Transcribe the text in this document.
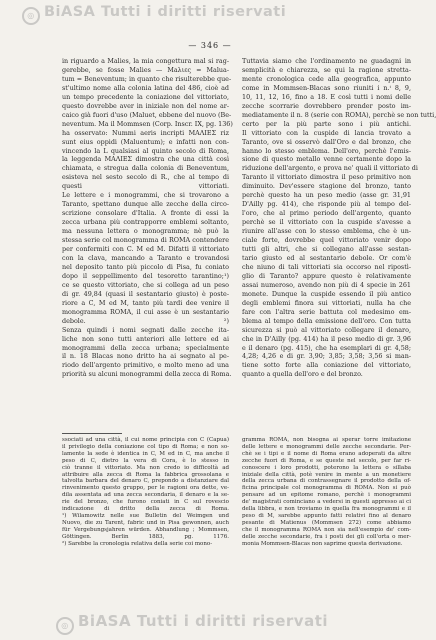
◎ BiASA Tutti i diritti riservati
— 346 —
in riguardo a Malies, la mia congettura mal si rag-
gerebbe, se fosse Malies — Maλιες = Malua-
tum = Beneventum; in quanto che risulterebbe que-
st'ultimo nome alla colonia latina del 486, cioè ad
un tempo precedente la coniazione del vittoriato,
questo dovrebbe aver in iniziale non del nome ar-
caico già fuori d'uso (Maluet, ebbene del nuovo (Be-
neventum. Ma il Mommsen (Corp. Inscr. IX, pg. 136)
ha osservato: Nummi aeris incripti MAΛIΕΣ riz
sunt eius oppidi (Maluentum); e infatti non con-
vincendo la L qualsiasi al quinto secolo di Roma,
la leggenda MAΛIEΣ dimostra che una città così
chiamata, e stregua dalla colonia di Beneventum,
esisteva nel sesto secolo di R., che al tempo di
questi vittoriati.
Le lettere e i monogrammi, che si trovarono a
Taranto, spettano dunque alle zecche della circo-
scrizione consolare d'Italia. A fronte di essi la
zecca urbana più contrapporre emblemi soltanto,
ma nessuna lettera o monogramma; nè può la
stessa serie col monogramma di ROMA contendere
per confermiti con C. M ed M. Difatti il vittoriato
con la clava, mancando a Taranto e trovandosi
nel deposito tanto più piccolo di Pisa, fu coniato
dopo il seppellimento del tesoretto tarantino;¹)
ce se questo vittoriato, che si collega ad un peso
di gr. 49,84 (quasi il sestantario giusto) è poste-
riore a C, M ed M, tanto più tardi dee venire il
monogramma ROMA, il cui asse è un sestantario
debole. ²)
Senza quindi i nomi segnati dalle zecche ita-
liche non sono tutti anteriori alle lettere ed ai
monogrammi della zecca urbana; specialmente
il n. 18 Blacas nono dritto ha ai segnato al pe-
riodo dell'argento primitivo, e molto meno ad una
priorità su alcuni monogrammi della zecca di Roma.
Tuttavia siamo che l'ordinamento ne guadagni in
semplicità e chiarezza, se qui la ragione stretta-
mente cronologica cede alla geografica, appunto
come in Mommsen-Blacas sono riuniti i n.ⁱ 8, 9,
10, 11, 12, 16, fino a 18. E così tutti i nomi delle
zecche scorrarie dovrebbero prender posto im-
mediatamente il n. 8 (serie con ROMA), perchè se non tutti,
certo per la più parte sono i più antichi.
Il vittoriato con la cuspide di lancia trovato a
Taranto, ove si osservò dall'Oro e dal bronzo, che
hanno lo stesso emblema. Dell'oro, perchè l'emis-
sione di questo metallo venne certamente dopo la
riduzione dell'argento, e prova ne' quali il vittoriato di
Taranto il vittoriato dimostra il peso primitivo non
diminuito. Dev'essere stagione del bronzo, tanto
perchè questo ha un peso medio (asse gr. 31,91
D'Ailly pg. 414), che risponde più al tempo del-
l'oro, che al primo periodo dell'argento, quanto
perchè se il vittoriato con la cuspide s'avesse a
riunire all'asse con lo stesso emblema, che è un-
ciale forte, dovrebbe quel vittoriato venir dopo
tutti gli altri, che si collegano all'asse sestan-
tario giusto ed al sestantario debole. Or com'è
che niuno di tali vittoriati sia occorso nel ripostì-
glio di Taranto? appure questo è relativamente
assai numeroso, avendo non più di 4 specie in 261
monete. Dunque la cuspide essendo il più antico
degli emblemi finora sui vittoriati, nulla ha che
fare con l'altra serie battuta col medesimo em-
blema al tempo della emissione dell'oro. Con tutta
sicurezza si può al vittoriato collegare il denaro,
che in D'Ailly (pg. 414) ha il peso medio di gr. 3,96
e il denaro (pg. 415), che ha esemplari di gr. 4,58;
4,28; 4,26 e di gr. 3,90; 3,85; 3,58; 3,56 si man-
tiene sotto forte alla coniazione del vittoriato,
quanto a quella dell'oro e del bronzo.
ssociati ad una città, il cui nome principia con C (Capua)
il privilegio della coniazione col tipo di Roma; e non so-
lamente la sede è identica in C, M ed in C, ma anche il
peso di C, dietro la vera di Cora, è lo stesso in
ciò tranne il vittoriato. Ma non credo io difficoltà ad
attribuire alla zecca di Roma la fabbrica grossolana e
talvolta barbara del denaro C, prepondo a distanziare dal
rinvenimento questo gruppo, per le ragioni ora dette, ve-
dila assentata ad una zecca secondaria, il denaro e la se-
rie del bronzo, che furono coniati in C sul rovescio
indicazione di dritto della zecca di Roma.
¹) Wilamowitz nelle sue Bulletin del Weimgen und
Nuovo, die zu Tarent, fabric und in Pisa gewonnen, auch
für Vergebungsjahren würden. Abhandlung ; Mommsen,
Göttingen. Berlin 1883, pg. 1176.
²) Sarebbe la cronologia relativa della serie coi mono-
gramma ROMA, non bisogna ai sperar torre imitazione
delle lettere e monogrammi delle zecche secondarie. Per-
chè se i tipi e il nome di Roma erano adoperati da altre
zecche fuori di Roma, e se queste nel secolo, per far ri-
conoscere i loro prodotti, poterono la lettera o sillaba
iniziale della città, potè venire in mente a un monetiere
della zecca urbana di contrassegnare il prodotto della of-
ficina principale col monogramma di ROMA. Non si può
pensare ad un epitome romano, perchè i monogrammi
de' magistrati cominciano a vedersi in questi appresso ai ci
della libbra, e non troviamo in quella fra monogrammi e il
peso di M, sarebbe appunto fatti relativi fino al denaro
pesante di Matienus (Mommsen 272) come abbiamo
che il monogramma ROMA non sia nell'esempio de' com-
delle zecche secondarie, fra i posti dei gli coll'orta o mer-
monia Mommsen-Blacas non saprime questa derivazione.
◎ BiASA Tutti i diritti riservati
